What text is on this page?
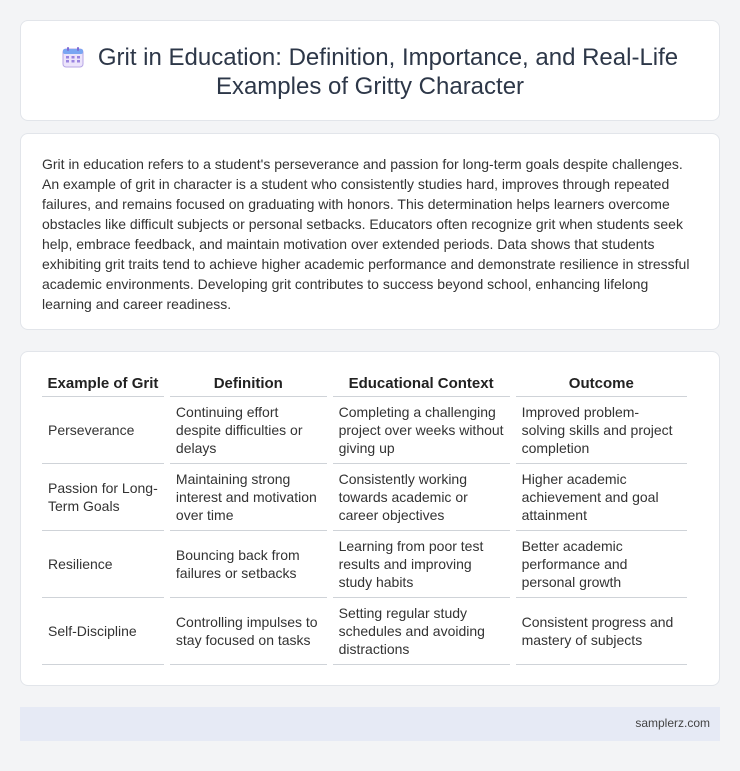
Grit in Education: Definition, Importance, and Real-Life Examples of Gritty Character

Grit in education refers to a student's perseverance and passion for long-term goals despite challenges. An example of grit in character is a student who consistently studies hard, improves through repeated failures, and remains focused on graduating with honors. This determination helps learners overcome obstacles like difficult subjects or personal setbacks. Educators often recognize grit when students seek help, embrace feedback, and maintain motivation over extended periods. Data shows that students exhibiting grit traits tend to achieve higher academic performance and demonstrate resilience in stressful academic environments. Developing grit contributes to success beyond school, enhancing lifelong learning and career readiness.

Example of Grit	Definition	Educational Context	Outcome
Perseverance	Continuing effort despite difficulties or delays	Completing a challenging project over weeks without giving up	Improved problem-solving skills and project completion
Passion for Long-Term Goals	Maintaining strong interest and motivation over time	Consistently working towards academic or career objectives	Higher academic achievement and goal attainment
Resilience	Bouncing back from failures or setbacks	Learning from poor test results and improving study habits	Better academic performance and personal growth
Self-Discipline	Controlling impulses to stay focused on tasks	Setting regular study schedules and avoiding distractions	Consistent progress and mastery of subjects
samplerz.com
